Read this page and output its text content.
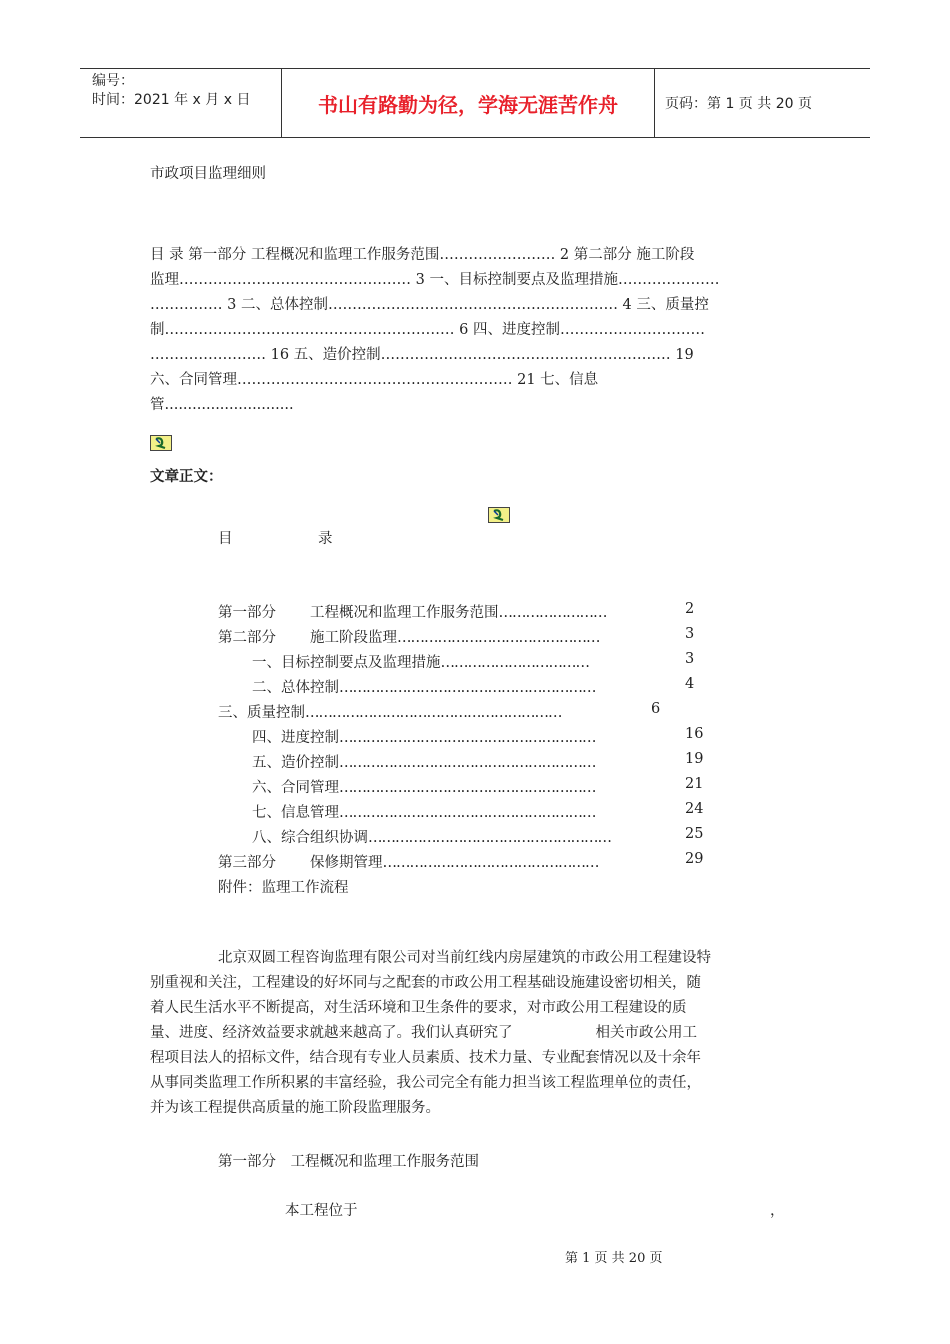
编号：
时间：2021 年 x 月 x 日	书山有路勤为径，学海无涯苦作舟	页码：第 1 页 共 20 页
市政项目监理细则
目 录 第一部分 工程概况和监理工作服务范围…………………… 2 第二部分 施工阶段
监理………………………………………… 3 一、目标控制要点及监理措施…………………
…………… 3 二、总体控制…………………………………………………… 4 三、质量控
制…………………………………………………… 6 四、进度控制…………………………
…………………… 16 五、造价控制…………………………………………………… 19
六、合同管理………………………………………………… 21 七、信息
管............................
文章正文：
目	录
第一部分 工程概况和监理工作服务范围……………………	2
第二部分 施工阶段监理………………………………………	3
一、目标控制要点及监理措施……………………………	3
二、总体控制…………………………………………………	4
三、质量控制…………………………………………………	6
四、进度控制…………………………………………………	16
五、造价控制…………………………………………………	19
六、合同管理…………………………………………………	21
七、信息管理…………………………………………………	24
八、综合组织协调………………………………………………	25
第三部分 保修期管理…………………………………………	29
附件：监理工作流程
北京双圆工程咨询监理有限公司对当前红线内房屋建筑的市政公用工程建设特
别重视和关注，工程建设的好坏同与之配套的市政公用工程基础设施建设密切相关，随
着人民生活水平不断提高，对生活环境和卫生条件的要求，对市政公用工程建设的质
量、进度、经济效益要求就越来越高了。我们认真研究了                  相关市政公用工
程项目法人的招标文件，结合现有专业人员素质、技术力量、专业配套情况以及十余年
从事同类监理工作所积累的丰富经验，我公司完全有能力担当该工程监理单位的责任，
并为该工程提供高质量的施工阶段监理服务。
第一部分　工程概况和监理工作服务范围
本工程位于	，
第 1 页 共 20 页
